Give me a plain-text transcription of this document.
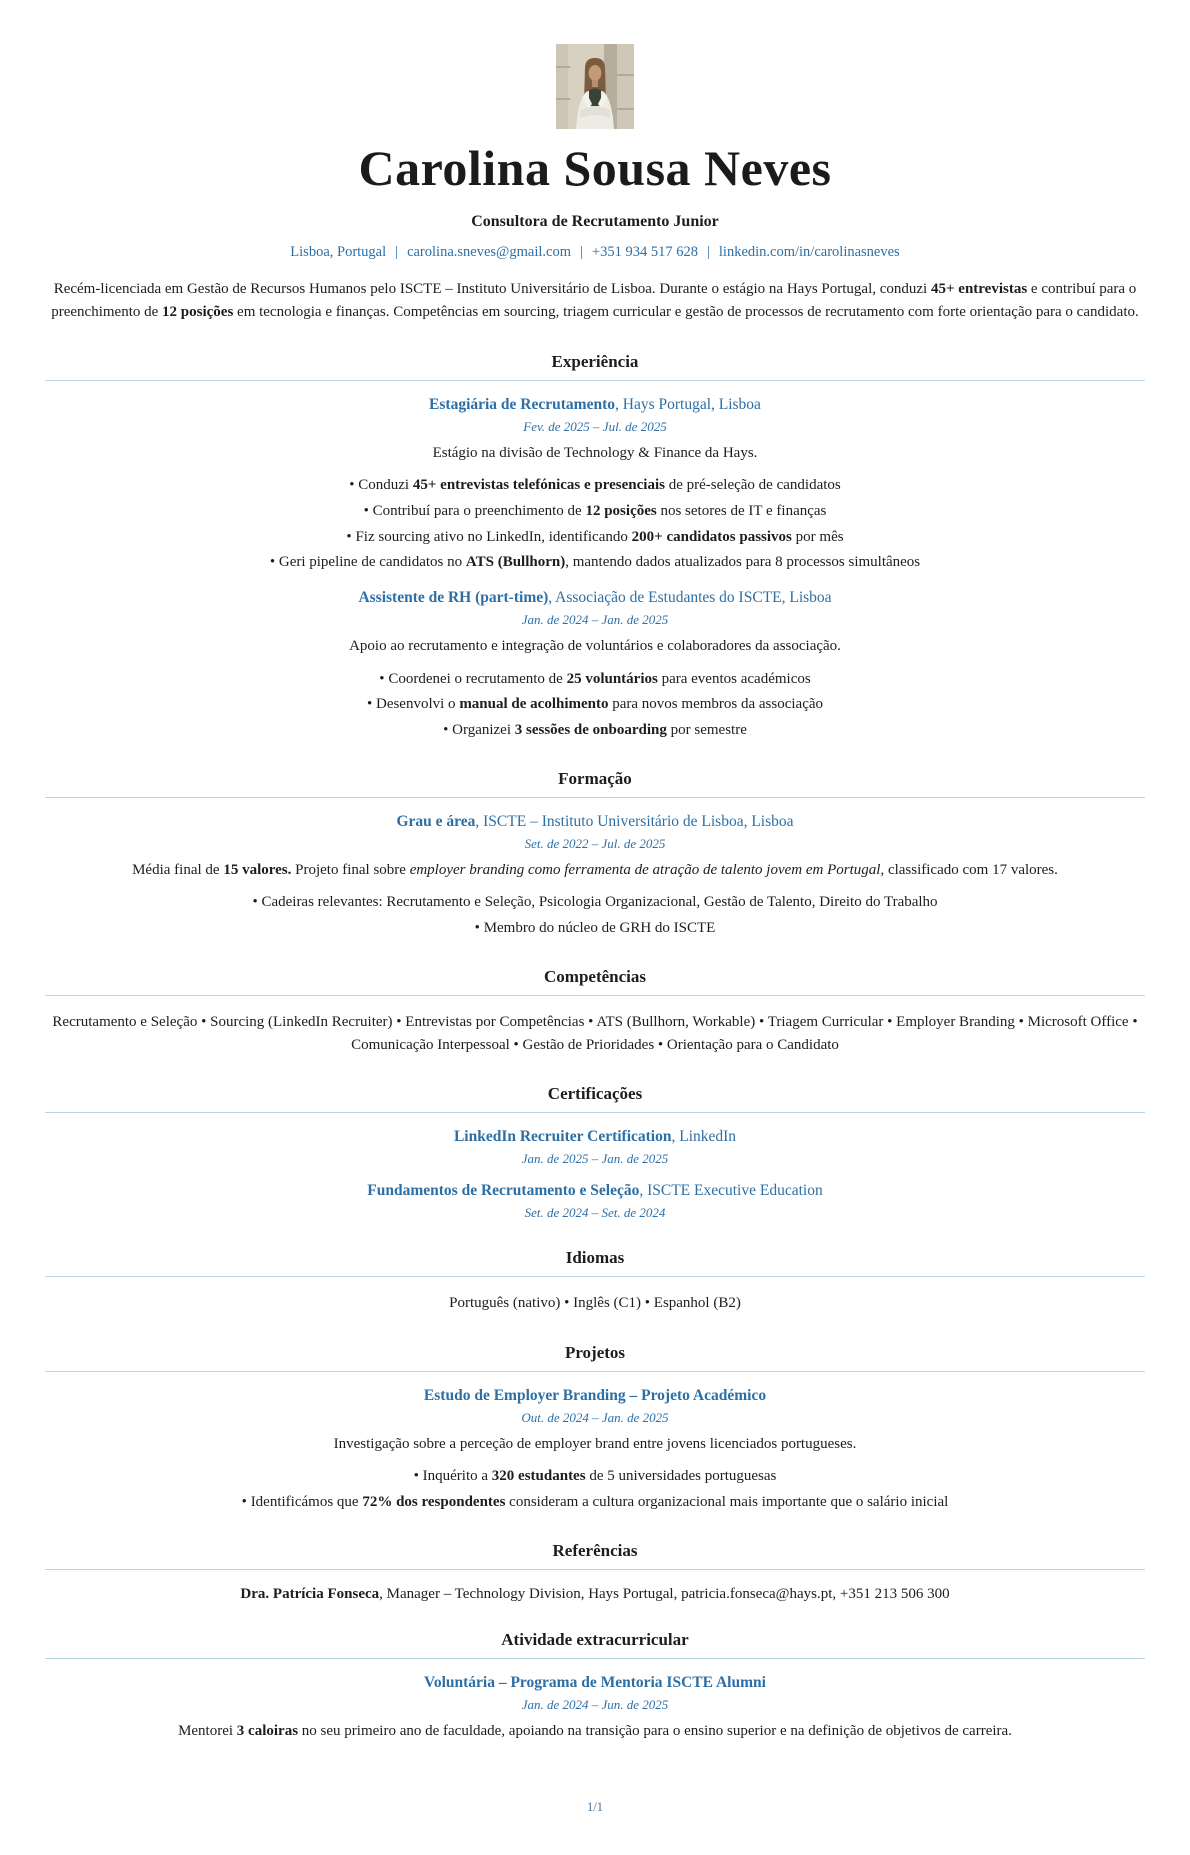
Carolina Sousa Neves
Consultora de Recrutamento Junior
Lisboa, Portugal | carolina.sneves@gmail.com | +351 934 517 628 | linkedin.com/in/carolinasneves

Recém-licenciada em Gestão de Recursos Humanos pelo ISCTE – Instituto Universitário de Lisboa. Durante o estágio na Hays Portugal, conduzi 45+ entrevistas e contribuí para o preenchimento de 12 posições em tecnologia e finanças. Competências em sourcing, triagem curricular e gestão de processos de recrutamento com forte orientação para o candidato.

Experiência
Estagiária de Recrutamento, Hays Portugal, Lisboa
Fev. de 2025 – Jul. de 2025

Estágio na divisão de Technology & Finance da Hays.

• Conduzi 45+ entrevistas telefónicas e presenciais de pré-seleção de candidatos
• Contribuí para o preenchimento de 12 posições nos setores de IT e finanças
• Fiz sourcing ativo no LinkedIn, identificando 200+ candidatos passivos por mês
• Geri pipeline de candidatos no ATS (Bullhorn), mantendo dados atualizados para 8 processos simultâneos
Assistente de RH (part-time), Associação de Estudantes do ISCTE, Lisboa
Jan. de 2024 – Jan. de 2025

Apoio ao recrutamento e integração de voluntários e colaboradores da associação.

• Coordenei o recrutamento de 25 voluntários para eventos académicos
• Desenvolvi o manual de acolhimento para novos membros da associação
• Organizei 3 sessões de onboarding por semestre
Formação
Grau e área, ISCTE – Instituto Universitário de Lisboa, Lisboa
Set. de 2022 – Jul. de 2025

Média final de 15 valores. Projeto final sobre employer branding como ferramenta de atração de talento jovem em Portugal, classificado com 17 valores.

• Cadeiras relevantes: Recrutamento e Seleção, Psicologia Organizacional, Gestão de Talento, Direito do Trabalho
• Membro do núcleo de GRH do ISCTE
Competências

Recrutamento e Seleção • Sourcing (LinkedIn Recruiter) • Entrevistas por Competências • ATS (Bullhorn, Workable) • Triagem Curricular • Employer Branding • Microsoft Office • Comunicação Interpessoal • Gestão de Prioridades • Orientação para o Candidato

Certificações
LinkedIn Recruiter Certification, LinkedIn
Jan. de 2025 – Jan. de 2025
Fundamentos de Recrutamento e Seleção, ISCTE Executive Education
Set. de 2024 – Set. de 2024
Idiomas

Português (nativo) • Inglês (C1) • Espanhol (B2)

Projetos
Estudo de Employer Branding – Projeto Académico
Out. de 2024 – Jan. de 2025

Investigação sobre a perceção de employer brand entre jovens licenciados portugueses.

• Inquérito a 320 estudantes de 5 universidades portuguesas
• Identificámos que 72% dos respondentes consideram a cultura organizacional mais importante que o salário inicial
Referências

Dra. Patrícia Fonseca, Manager – Technology Division, Hays Portugal, patricia.fonseca@hays.pt, +351 213 506 300

Atividade extracurricular
Voluntária – Programa de Mentoria ISCTE Alumni
Jan. de 2024 – Jun. de 2025

Mentorei 3 caloiras no seu primeiro ano de faculdade, apoiando na transição para o ensino superior e na definição de objetivos de carreira.

1/1
